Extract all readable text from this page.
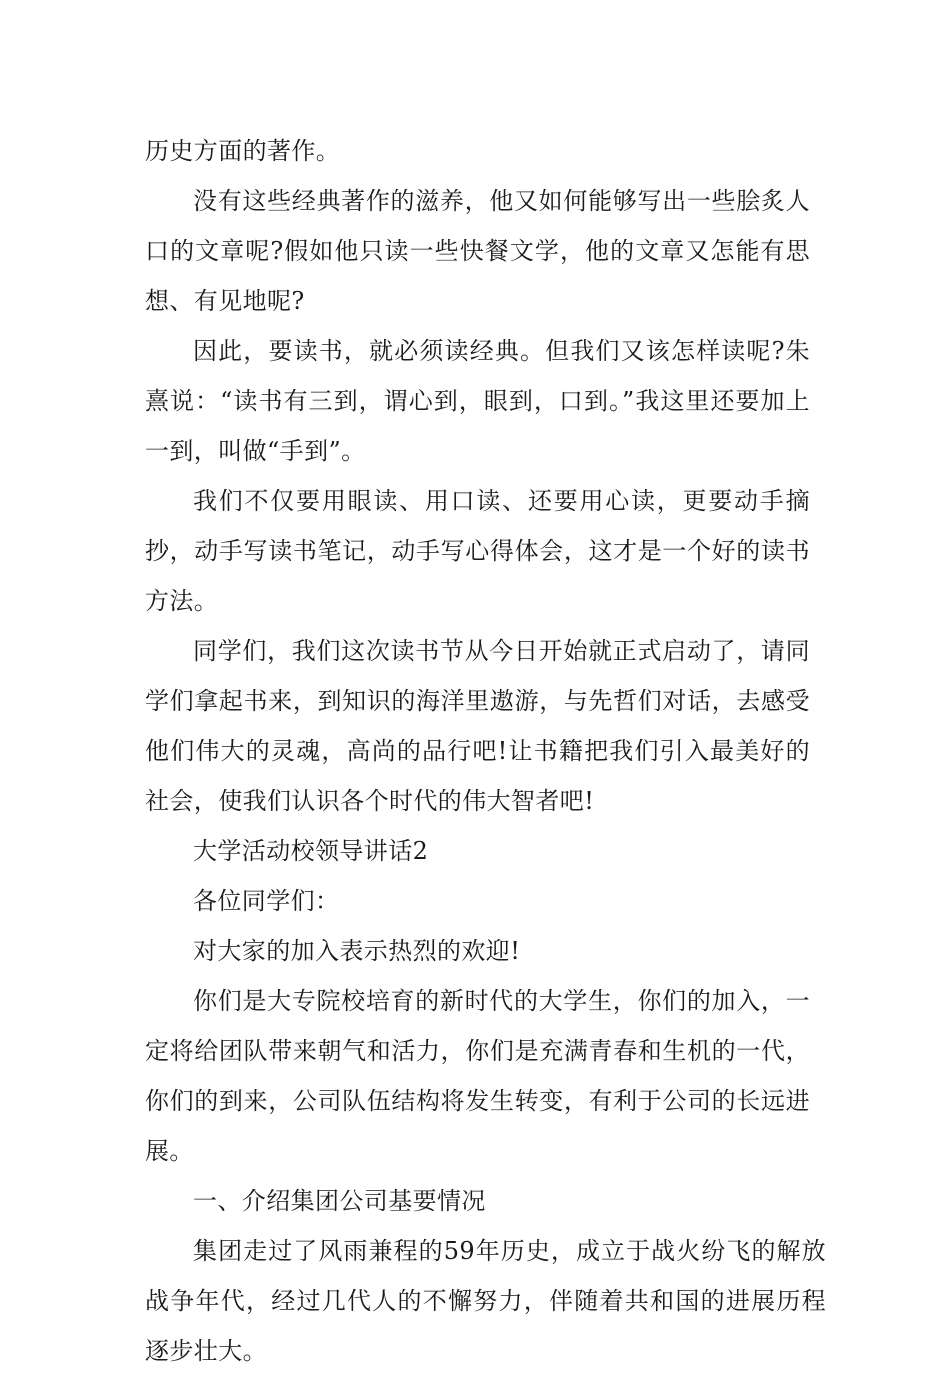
历史方面的著作。

没有这些经典著作的滋养，他又如何能够写出一些脍炙人口的文章呢?假如他只读一些快餐文学，他的文章又怎能有思想、有见地呢?

因此，要读书，就必须读经典。但我们又该怎样读呢?朱熹说：“读书有三到，谓心到，眼到，口到。”我这里还要加上一到，叫做“手到”。

我们不仅要用眼读、用口读、还要用心读，更要动手摘抄，动手写读书笔记，动手写心得体会，这才是一个好的读书方法。

同学们，我们这次读书节从今日开始就正式启动了，请同学们拿起书来，到知识的海洋里遨游，与先哲们对话，去感受他们伟大的灵魂，高尚的品行吧!让书籍把我们引入最美好的社会，使我们认识各个时代的伟大智者吧!

大学活动校领导讲话2

各位同学们：

对大家的加入表示热烈的欢迎!

你们是大专院校培育的新时代的大学生，你们的加入，一定将给团队带来朝气和活力，你们是充满青春和生机的一代，你们的到来，公司队伍结构将发生转变，有利于公司的长远进展。

一、介绍集团公司基要情况

集团走过了风雨兼程的59年历史，成立于战火纷飞的解放战争年代，经过几代人的不懈努力，伴随着共和国的进展历程逐步壮大。
